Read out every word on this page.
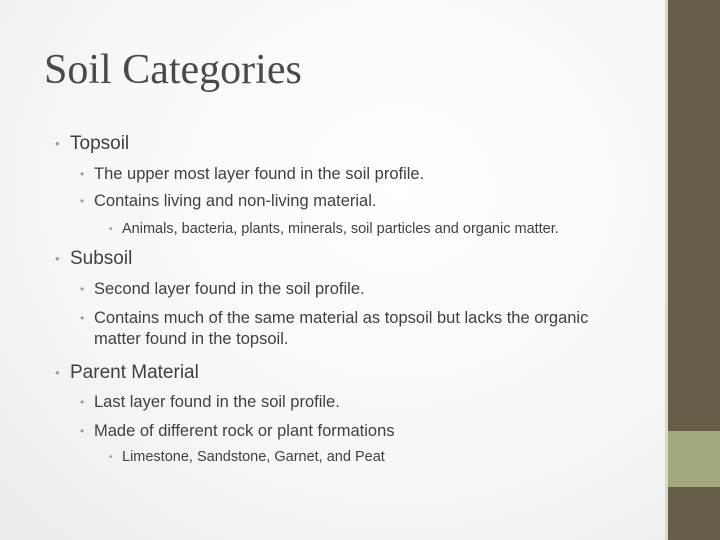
Soil Categories
• Topsoil
• The upper most layer found in the soil profile.
• Contains living and non-living material.
• Animals, bacteria, plants, minerals, soil particles and organic matter.
• Subsoil
• Second layer found in the soil profile.
• Contains much of the same material as topsoil but lacks the organic matter found in the topsoil.
• Parent Material
• Last layer found in the soil profile.
• Made of different rock or plant formations
• Limestone, Sandstone, Garnet, and Peat
